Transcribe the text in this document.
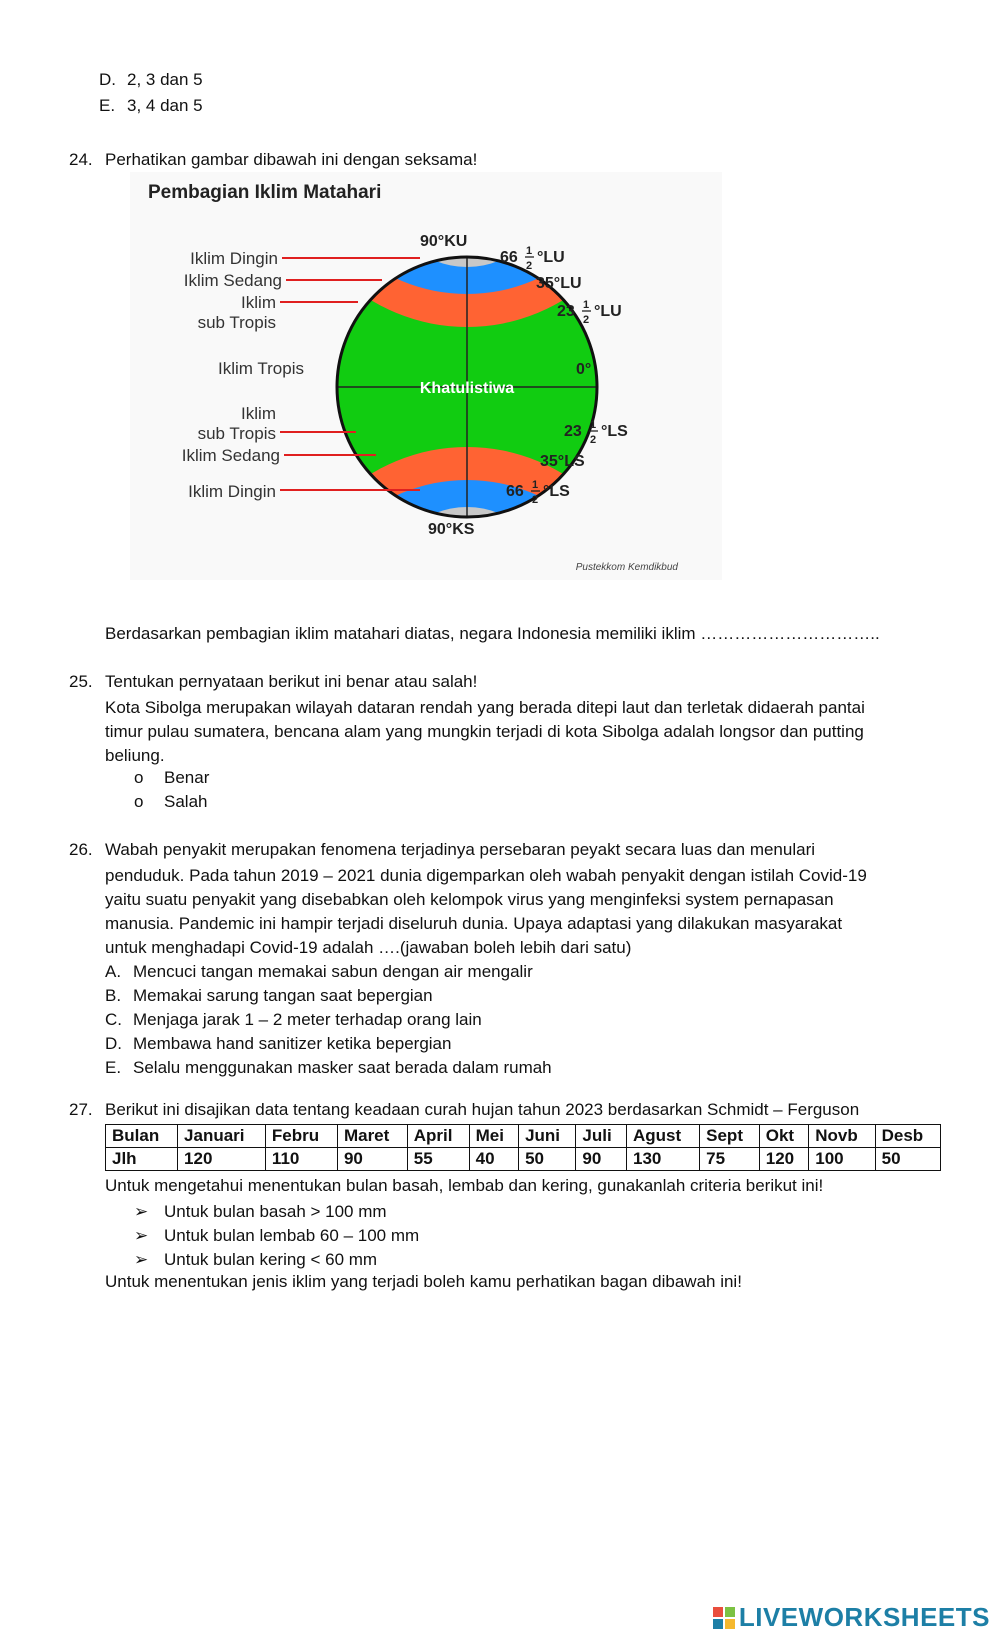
D. 2, 3 dan 5
E. 3, 4 dan 5
24. Perhatikan gambar dibawah ini dengan seksama!
Pembagian Iklim Matahari
Khatulistiwa
Iklim Dingin
Iklim Sedang
Iklim
sub Tropis
Iklim Tropis
Iklim
sub Tropis
Iklim Sedang
Iklim Dingin
90°KU
66 1
2 °LU
35°LU
23 1
2 °LU
0°
23 1
2 °LS
35°LS
66 1
2 °LS
90°KS
Pustekkom Kemdikbud
Berdasarkan pembagian iklim matahari diatas, negara Indonesia memiliki iklim …………………………..
25. Tentukan pernyataan berikut ini benar atau salah!
Kota Sibolga merupakan wilayah dataran rendah yang berada ditepi laut dan terletak didaerah pantai
timur pulau sumatera, bencana alam yang mungkin terjadi di kota Sibolga adalah longsor dan putting
beliung.
o Benar
o Salah
26. Wabah penyakit merupakan fenomena terjadinya persebaran peyakt secara luas dan menulari
penduduk. Pada tahun 2019 – 2021 dunia digemparkan oleh wabah penyakit dengan istilah Covid-19
yaitu suatu penyakit yang disebabkan oleh kelompok virus yang menginfeksi system pernapasan
manusia. Pandemic ini hampir terjadi diseluruh dunia. Upaya adaptasi yang dilakukan masyarakat
untuk menghadapi Covid-19 adalah ….(jawaban boleh lebih dari satu)
A. Mencuci tangan memakai sabun dengan air mengalir
B. Memakai sarung tangan saat bepergian
C. Menjaga jarak 1 – 2 meter terhadap orang lain
D. Membawa hand sanitizer ketika bepergian
E. Selalu menggunakan masker saat berada dalam rumah
27. Berikut ini disajikan data tentang keadaan curah hujan tahun 2023 berdasarkan Schmidt – Ferguson
Bulan	Januari	Febru	Maret	April	Mei	Juni	Juli	Agust	Sept	Okt	Novb	Desb
Jlh	120	110	90	55	40	50	90	130	75	120	100	50
Untuk mengetahui menentukan bulan basah, lembab dan kering, gunakanlah criteria berikut ini!
➢ Untuk bulan basah > 100 mm
➢ Untuk bulan lembab 60 – 100 mm
➢ Untuk bulan kering < 60 mm
Untuk menentukan jenis iklim yang terjadi boleh kamu perhatikan bagan dibawah ini!
LIVEWORKSHEETS
